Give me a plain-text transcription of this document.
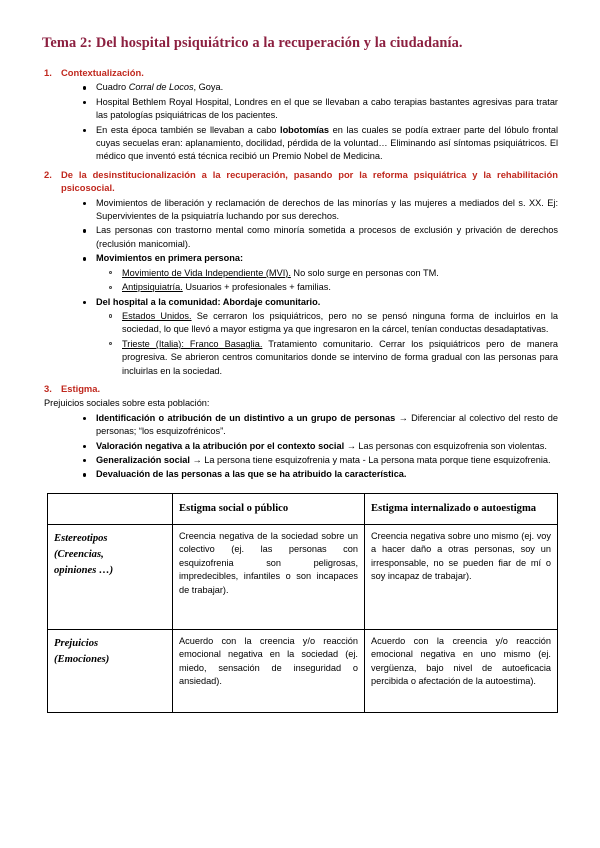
Tema 2: Del hospital psiquiátrico a la recuperación y la ciudadanía.
1. Contextualización.
Cuadro Corral de Locos, Goya.
Hospital Bethlem Royal Hospital, Londres en el que se llevaban a cabo terapias bastantes agresivas para tratar las patologías psiquiátricas de los pacientes.
En esta época también se llevaban a cabo lobotomías en las cuales se podía extraer parte del lóbulo frontal cuyas secuelas eran: aplanamiento, docilidad, pérdida de la voluntad… Eliminando así síntomas psiquiátricos. El médico que inventó está técnica recibió un Premio Nobel de Medicina.
2. De la desinstitucionalización a la recuperación, pasando por la reforma psiquiátrica y la rehabilitación psicosocial.
Movimientos de liberación y reclamación de derechos de las minorías y las mujeres a mediados del s. XX. Ej: Supervivientes de la psiquiatría luchando por sus derechos.
Las personas con trastorno mental como minoría sometida a procesos de exclusión y privación de derechos (reclusión manicomial).
Movimientos en primera persona:
Movimiento de Vida Independiente (MVI). No solo surge en personas con TM.
Antipsiquiatría. Usuarios + profesionales + familias.
Del hospital a la comunidad: Abordaje comunitario.
Estados Unidos. Se cerraron los psiquiátricos, pero no se pensó ninguna forma de incluirlos en la sociedad, lo que llevó a mayor estigma ya que ingresaron en la cárcel, tenían conductas desadaptativas.
Trieste (Italia): Franco Basaglia. Tratamiento comunitario. Cerrar los psiquiátricos pero de manera progresiva. Se abrieron centros comunitarios donde se intervino de forma gradual con las personas para incluirlas en la sociedad.
3. Estigma.
Prejuicios sociales sobre esta población:
Identificación o atribución de un distintivo a un grupo de personas → Diferenciar al colectivo del resto de personas; “los esquizofrénicos”.
Valoración negativa a la atribución por el contexto social → Las personas con esquizofrenia son violentas.
Generalización social → La persona tiene esquizofrenia y mata - La persona mata porque tiene esquizofrenia.
Devaluación de las personas a las que se ha atribuido la característica.
	Estigma social o público	Estigma internalizado o autoestigma
Estereotipos
(Creencias,
opiniones …)	Creencia negativa de la sociedad sobre un colectivo (ej. las personas con esquizofrenia son peligrosas, impredecibles, infantiles o son incapaces de trabajar).	Creencia negativa sobre uno mismo (ej. voy a hacer daño a otras personas, soy un irresponsable, no se pueden fiar de mí o soy incapaz de trabajar).
Prejuicios
(Emociones)	Acuerdo con la creencia y/o reacción emocional negativa en la sociedad (ej. miedo, sensación de inseguridad o ansiedad).	Acuerdo con la creencia y/o reacción emocional negativa en uno mismo (ej. vergüenza, bajo nivel de autoeficacia percibida o afectación de la autoestima).
